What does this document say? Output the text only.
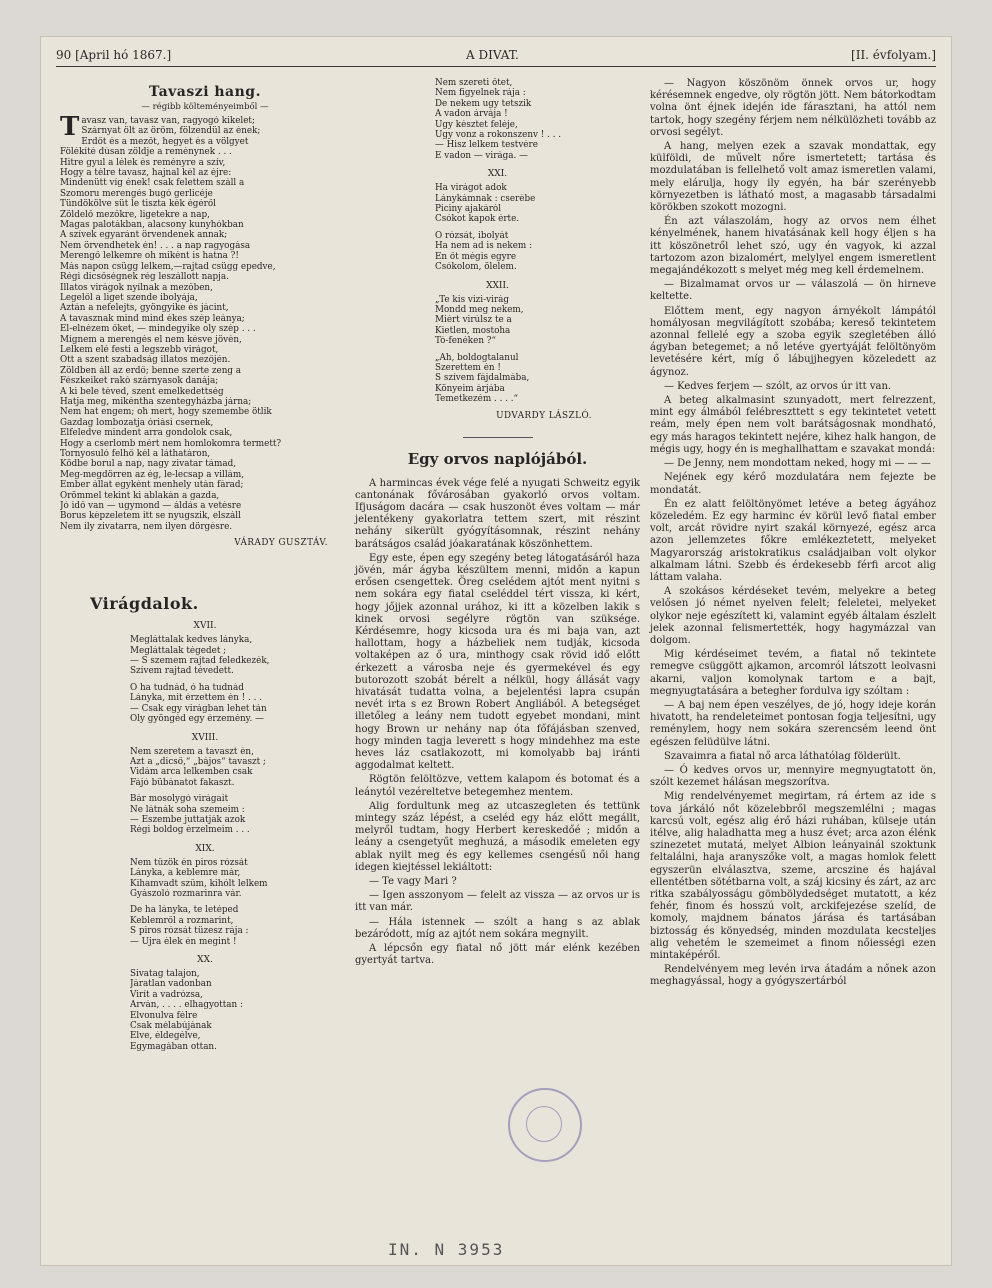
90 [April hó 1867.]	A DIVAT.	[II. évfolyam.]
Tavaszi hang.
— régibb költeményeimből —
T avasz van, tavasz van, ragyogó kikelet;
Szárnyat ölt az öröm, fölzendül az ének;
Erdőt és a mezőt, hegyet és a völgyet
Fölékíté dúsan zöldje a reménynek . . .
Hitre gyul a lélek és reményre a szív,
Hogy a télre tavasz, hajnal kél az éjre:
Mindenütt víg ének! csak felettem száll a
Szomoru merengés bugó gerlicéje
Tündökölve süt le tiszta kék égéről
Zöldelő mezőkre, ligetekre a nap,
Magas palotákban, alacsony kunyhókban
A szívek egyaránt örvendenek annak;
Nem örvendhetek én! . . . a nap ragyogása
Merengő lelkemre oh miként is hatna ?!
Más napon csügg lelkem,—rajtad csügg epedve,
Régi dicsőségnek rég leszállott napja.
Illatos virágok nyílnak a mezőben,
Legelől a liget szende ibolyája,
Aztán a nefelejts, gyöngyike és jácint,
A tavasznak mind mind ékes szép leánya;
El-elnézem őket, — mindegyike oly szép . . .
Mígnem a merengés el nem késve jövén,
Lelkem elé festi a legszebb virágot,
Ott a szent szabadság illatos mezőjén.
Zöldben áll az erdő; benne szerte zeng a
Fészkeiket rakó szárnyasok danája;
A ki bele téved, szent emelkedettség
Hatja meg, mikéntha szentegyházba járna;
Nem hat engem; oh mert, hogy szemembe ötlik
Gazdag lombozatja óriási csernek,
Elfeledve mindent arra gondolok csak,
Hogy a cserlomb mért nem homlokomra termett?
Tornyosuló felhő kél a láthatáron,
Ködbe borul a nap, nagy zivatar támad,
Meg-megdörren az ég, le-lecsap a villám,
Ember állat egyként menhely után fárad;
Örömmel tekint ki ablakán a gazda,
Jó idő van — ugymond — áldás a vetésre
Borus képzeletem itt se nyugszik, elszáll
Nem ily zivatarra, nem ilyen dörgésre.
VÁRADY GUSZTÁV.
Virágdalok.
XVII.
Megláttalak kedves lányka,
Megláttalak tégedet ;
— S szemem rajtad feledkezék,
Szívem rajtad tévedett.

Ó ha tudnád, ó ha tudnád
Lányka, mit érzettem én ! . . .
— Csak egy virágban lehet tán
Oly gyöngéd egy érzemény. —
XVIII.
Nem szeretem a tavaszt én,
Azt a „dicső,“ „bájos“ tavaszt ;
Vidám arca lelkemben csak
Fájó bübánatot fakaszt.

Bár mosolygó virágait
Ne látnák soha szemeim :
— Eszembe juttatják azok
Régi boldog érzelmeim . . .
XIX.
Nem tűzök én piros rózsát
Lányka, a keblemre már,
Kihamvadt szűm, kihólt lelkem
Gyászoló rozmarinra vár.

De ha lányka, te letéped
Keblemről a rozmarint,
S piros rózsát tüzesz rája :
— Ujra élek én megint !
XX.
Sivatag talajon,
Járatlan vadonban
Virít a vadrózsa,
Árván, . . . . elhagyottan :
Elvonulva félre
Csak mélabújának
Élve, éldegélve,
Egymagában ottan.
Nem szereti őtet,
Nem figyelnek rája :
De nekem ugy tetszik
A vadon árvája !
Ugy késztet feléje,
Ugy vonz a rokonszenv ! . . .
— Hisz lelkem testvére
E vadon — virága. —
XXI.
Ha virágot adok
Lánykámnak : cserébe
Piciny ajakáról
Csókot kapok érte.

Ő rózsát, ibolyát
Ha nem ad is nekem :
Én őt mégis egyre
Csókolom, ölelem.
XXII.
„Te kis vizi-virág
Mondd meg nekem,
Miért virúlsz te a
Kietlen, mostoha
Tó-fenéken ?“

„Ah, boldogtalanul
Szerettem én !
S szívem fájdalmába,
Könyeim árjába
Temetkezém . . . .“
UDVARDY LÁSZLÓ.
Egy orvos naplójából.

A harmincas évek vége felé a nyugati Schweitz egyik cantonának fővárosában gyakorló orvos voltam. Ifjuságom dacára — csak huszonöt éves voltam — már jelentékeny gyakorlatra tettem szert, mit részint nehány sikerült gyógyításomnak, részint nehány barátságos család jóakaratának köszönhettem.

Egy este, épen egy szegény beteg látogatásáról haza jövén, már ágyba készültem menni, midőn a kapun erősen csengettek. Öreg cselédem ajtót ment nyitni s nem sokára egy fiatal cseléddel tért vissza, ki kért, hogy jőjjek azonnal urához, ki itt a közelben lakik s kinek orvosi segélyre rögtön van szüksége. Kérdésemre, hogy kicsoda ura és mi baja van, azt hallottam, hogy a házbeliek nem tudják, kicsoda voltaképen az ő ura, minthogy csak rövid idő előtt érkezett a városba neje és gyermekével és egy butorozott szobát bérelt a nélkül, hogy állását vagy hivatását tudatta volna, a bejelentési lapra csupán nevét irta s ez Brown Robert Angliából. A betegséget illetőleg a leány nem tudott egyebet mondani, mint hogy Brown ur nehány nap óta főfájásban szenved, hogy minden tagja leverett s hogy mindehhez ma este heves láz csatlakozott, mi komolyabb baj iránti aggodalmat keltett.

Rögtön felöltözve, vettem kalapom és botomat és a leánytól vezéreltetve betegemhez mentem.

Alig fordultunk meg az utcaszegleten és tettünk mintegy száz lépést, a cseléd egy ház előtt megállt, melyről tudtam, hogy Herbert kereskedőé ; midőn a leány a csengetyűt meghuzá, a második emeleten egy ablak nyilt meg és egy kellemes csengésű női hang idegen kiejtéssel lekiáltott:

— Te vagy Mari ?

— Igen asszonyom — felelt az vissza — az orvos ur is itt van már.

— Hála istennek — szólt a hang s az ablak bezáródott, míg az ajtót nem sokára megnyilt.

A lépcsőn egy fiatal nő jött már elénk kezében gyertyát tartva.

— Nagyon köszönöm önnek orvos ur, hogy kérésemnek engedve, oly rögtön jött. Nem bátorkodtam volna önt éjnek idején ide fárasztani, ha attól nem tartok, hogy szegény férjem nem nélkülözheti tovább az orvosi segélyt.

A hang, melyen ezek a szavak mondattak, egy külföldi, de művelt nőre ismertetett; tartása és mozdulatában is fellelhető volt amaz ismeretlen valami, mely elárulja, hogy ily egyén, ha bár szerényebb környezetben is látható most, a magasabb társadalmi körökben szokott mozogni.

Én azt válaszolám, hogy az orvos nem élhet kényelmének, hanem hivatásának kell hogy éljen s ha itt köszönetről lehet szó, ugy én vagyok, ki azzal tartozom azon bizalomért, melylyel engem ismeretlent megajándékozott s melyet még meg kell érdemelnem.

— Bizalmamat orvos ur — válaszolá — ön hirneve keltette.

Előttem ment, egy nagyon árnyékolt lámpától homályosan megvilágított szobába; kereső tekintetem azonnal fellelé egy a szoba egyik szegletében álló ágyban betegemet; a nő letéve gyertyáját felöltönyöm levetésére kért, míg ő lábujjhegyen közeledett az ágynoz.

— Kedves ferjem — szólt, az orvos úr itt van.

A beteg alkalmasint szunyadott, mert felrezzent, mint egy álmából felébreszttett s egy tekintetet vetett reám, mely épen nem volt barátságosnak mondható, egy más haragos tekintett nejére, kihez halk hangon, de mégis ugy, hogy én is meghallhattam e szavakat mondá:

— De Jenny, nem mondottam neked, hogy mi — — —

Nejének egy kérő mozdulatára nem fejezte be mondatát.

Én ez alatt felöltönyömet letéve a beteg ágyához közeledém. Ez egy harminc év körül levő fiatal ember volt, arcát rövidre nyirt szakál környezé, egész arca azon jellemzetes főkre emlékeztetett, melyeket Magyarország aristokratikus családjaiban volt olykor alkalmam látni. Szebb és érdekesebb férfi arcot alig láttam valaha.

A szokásos kérdéseket tevém, melyekre a beteg velősen jó német nyelven felelt; feleletei, melyeket olykor neje egészített ki, valamint egyéb általam észlelt jelek azonnal felismertették, hogy hagymázzal van dolgom.

Mig kérdéseimet tevém, a fiatal nő tekintete remegve csüggött ajkamon, arcomról látszott leolvasni akarni, valjon komolynak tartom e a bajt, megnyugtatására a betegher fordulva igy szóltam :

— A baj nem épen veszélyes, de jó, hogy ideje korán hivatott, ha rendeleteimet pontosan fogja teljesítni, ugy reménylem, hogy nem sokára szerencsém leend önt egészen felüdülve látni.

Szavaimra a fiatal nő arca láthatólag földerült.

— Ó kedves orvos ur, mennyire megnyugtatott ön, szólt kezemet hálásan megszorítva.

Mig rendelvényemet megirtam, rá értem az ide s tova járkáló nőt közelebbről megszemlélni ; magas karcsú volt, egész alig érő házi ruhában, külseje után itélve, alig haladhatta meg a husz évet; arca azon élénk szinezetet mutatá, melyet Albion leányainál szoktunk feltalálni, haja aranyszőke volt, a magas homlok felett egyszerün elválasztva, szeme, arcszine és hajával ellentétben sötétbarna volt, a száj kicsiny és zárt, az arc ritka szabályosságu gömbölydedséget mutatott, a kéz fehér, finom és hosszú volt, arckifejezése szelíd, de komoly, majdnem bánatos járása és tartásában biztosság és könyedség, minden mozdulata kecsteljes alig vehetém le szemeimet a finom nőiességi ezen mintaképéről.

Rendelvényem meg levén irva átadám a nőnek azon meghagyással, hogy a gyógyszertárból

IN. N 3953
